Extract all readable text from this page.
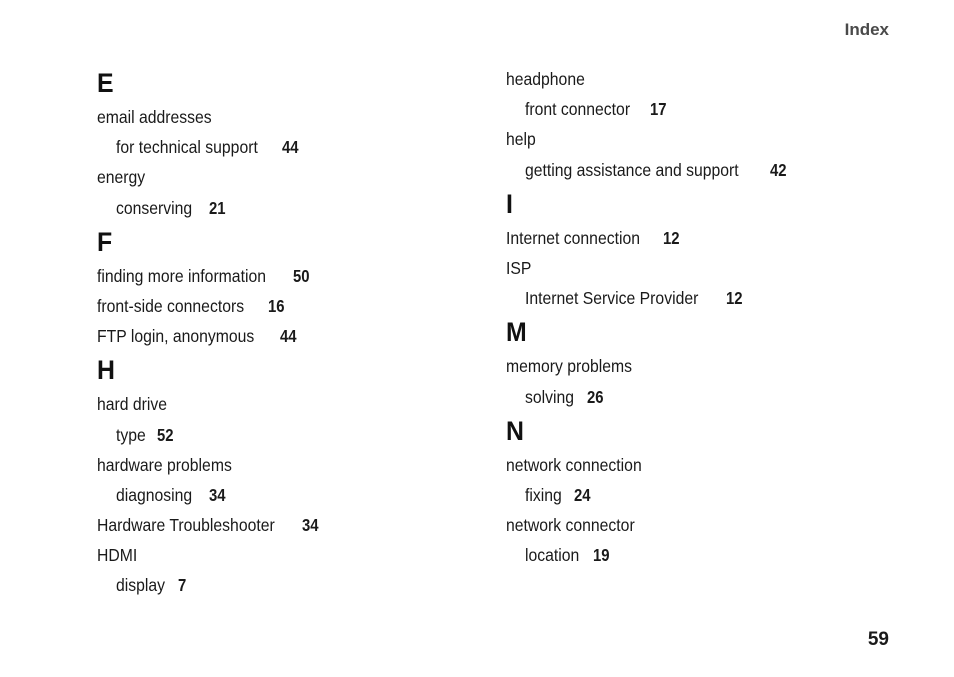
Index
E
email addresses
for technical support 44
energy
conserving 21
F
finding more information 50
front-side connectors 16
FTP login, anonymous 44
H
hard drive
type 52
hardware problems
diagnosing 34
Hardware Troubleshooter 34
HDMI
display 7
headphone
front connector 17
help
getting assistance and support 42
I
Internet connection 12
ISP
Internet Service Provider 12
M
memory problems
solving 26
N
network connection
fixing 24
network connector
location 19
59
